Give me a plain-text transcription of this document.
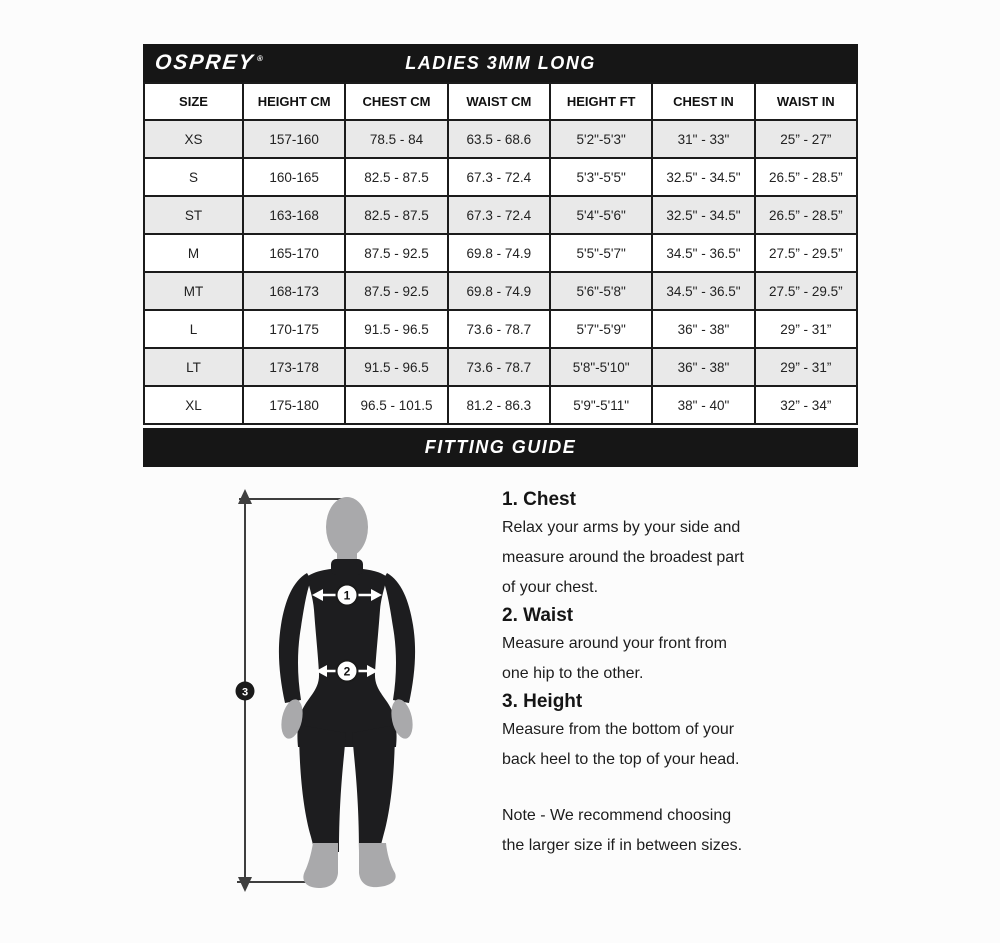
OSPREY®	LADIES 3MM LONG
SIZE	HEIGHT CM	CHEST CM	WAIST CM	HEIGHT FT	CHEST IN	WAIST IN
XS	157-160	78.5 - 84	63.5 - 68.6	5'2"-5'3"	31" - 33"	25” - 27”
S	160-165	82.5 - 87.5	67.3 - 72.4	5'3"-5'5"	32.5" - 34.5"	26.5” - 28.5”
ST	163-168	82.5 - 87.5	67.3 - 72.4	5'4"-5'6"	32.5" - 34.5"	26.5” - 28.5”
M	165-170	87.5 - 92.5	69.8 - 74.9	5'5"-5'7"	34.5" - 36.5"	27.5” - 29.5”
MT	168-173	87.5 - 92.5	69.8 - 74.9	5'6"-5'8"	34.5" - 36.5"	27.5” - 29.5”
L	170-175	91.5 - 96.5	73.6 - 78.7	5'7"-5'9"	36" - 38"	29” - 31”
LT	173-178	91.5 - 96.5	73.6 - 78.7	5'8"-5'10"	36" - 38"	29” - 31”
XL	175-180	96.5 - 101.5	81.2 - 86.3	5'9"-5'11"	38" - 40"	32” - 34”
FITTING GUIDE
1
2
3
1. Chest
Relax your arms by your side and
measure around the broadest part
of your chest.
2. Waist
Measure around your front from
one hip to the other.
3. Height
Measure from the bottom of your
back heel to the top of your head.
Note - We recommend choosing
the larger size if in between sizes.
